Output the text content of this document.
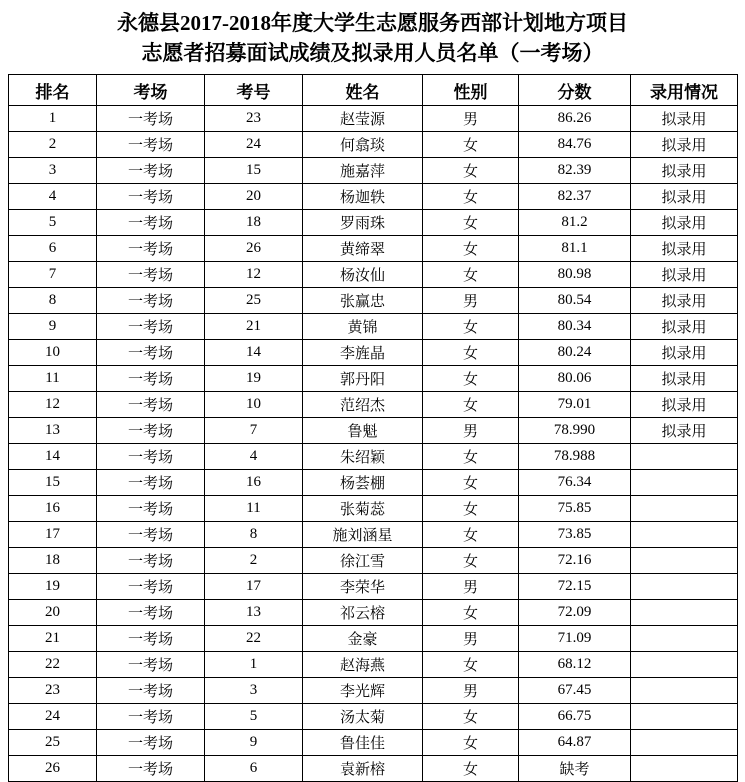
永德县2017-2018年度大学生志愿服务西部计划地方项目
志愿者招募面试成绩及拟录用人员名单（一考场）
排名	考场	考号	姓名	性别	分数	录用情况
1	一考场	23	赵莹源	男	86.26	拟录用
2	一考场	24	何翕琰	女	84.76	拟录用
3	一考场	15	施嘉萍	女	82.39	拟录用
4	一考场	20	杨迦轶	女	82.37	拟录用
5	一考场	18	罗雨珠	女	81.2	拟录用
6	一考场	26	黄缔翠	女	81.1	拟录用
7	一考场	12	杨汝仙	女	80.98	拟录用
8	一考场	25	张赢忠	男	80.54	拟录用
9	一考场	21	黄锦	女	80.34	拟录用
10	一考场	14	李旌晶	女	80.24	拟录用
11	一考场	19	郭丹阳	女	80.06	拟录用
12	一考场	10	范绍杰	女	79.01	拟录用
13	一考场	7	鲁魁	男	78.990	拟录用
14	一考场	4	朱绍颖	女	78.988	
15	一考场	16	杨荟棚	女	76.34	
16	一考场	11	张菊蕊	女	75.85	
17	一考场	8	施刘涵星	女	73.85	
18	一考场	2	徐江雪	女	72.16	
19	一考场	17	李荣华	男	72.15	
20	一考场	13	祁云榕	女	72.09	
21	一考场	22	金豪	男	71.09	
22	一考场	1	赵海燕	女	68.12	
23	一考场	3	李光辉	男	67.45	
24	一考场	5	汤太菊	女	66.75	
25	一考场	9	鲁佳佳	女	64.87	
26	一考场	6	袁新榕	女	缺考	
